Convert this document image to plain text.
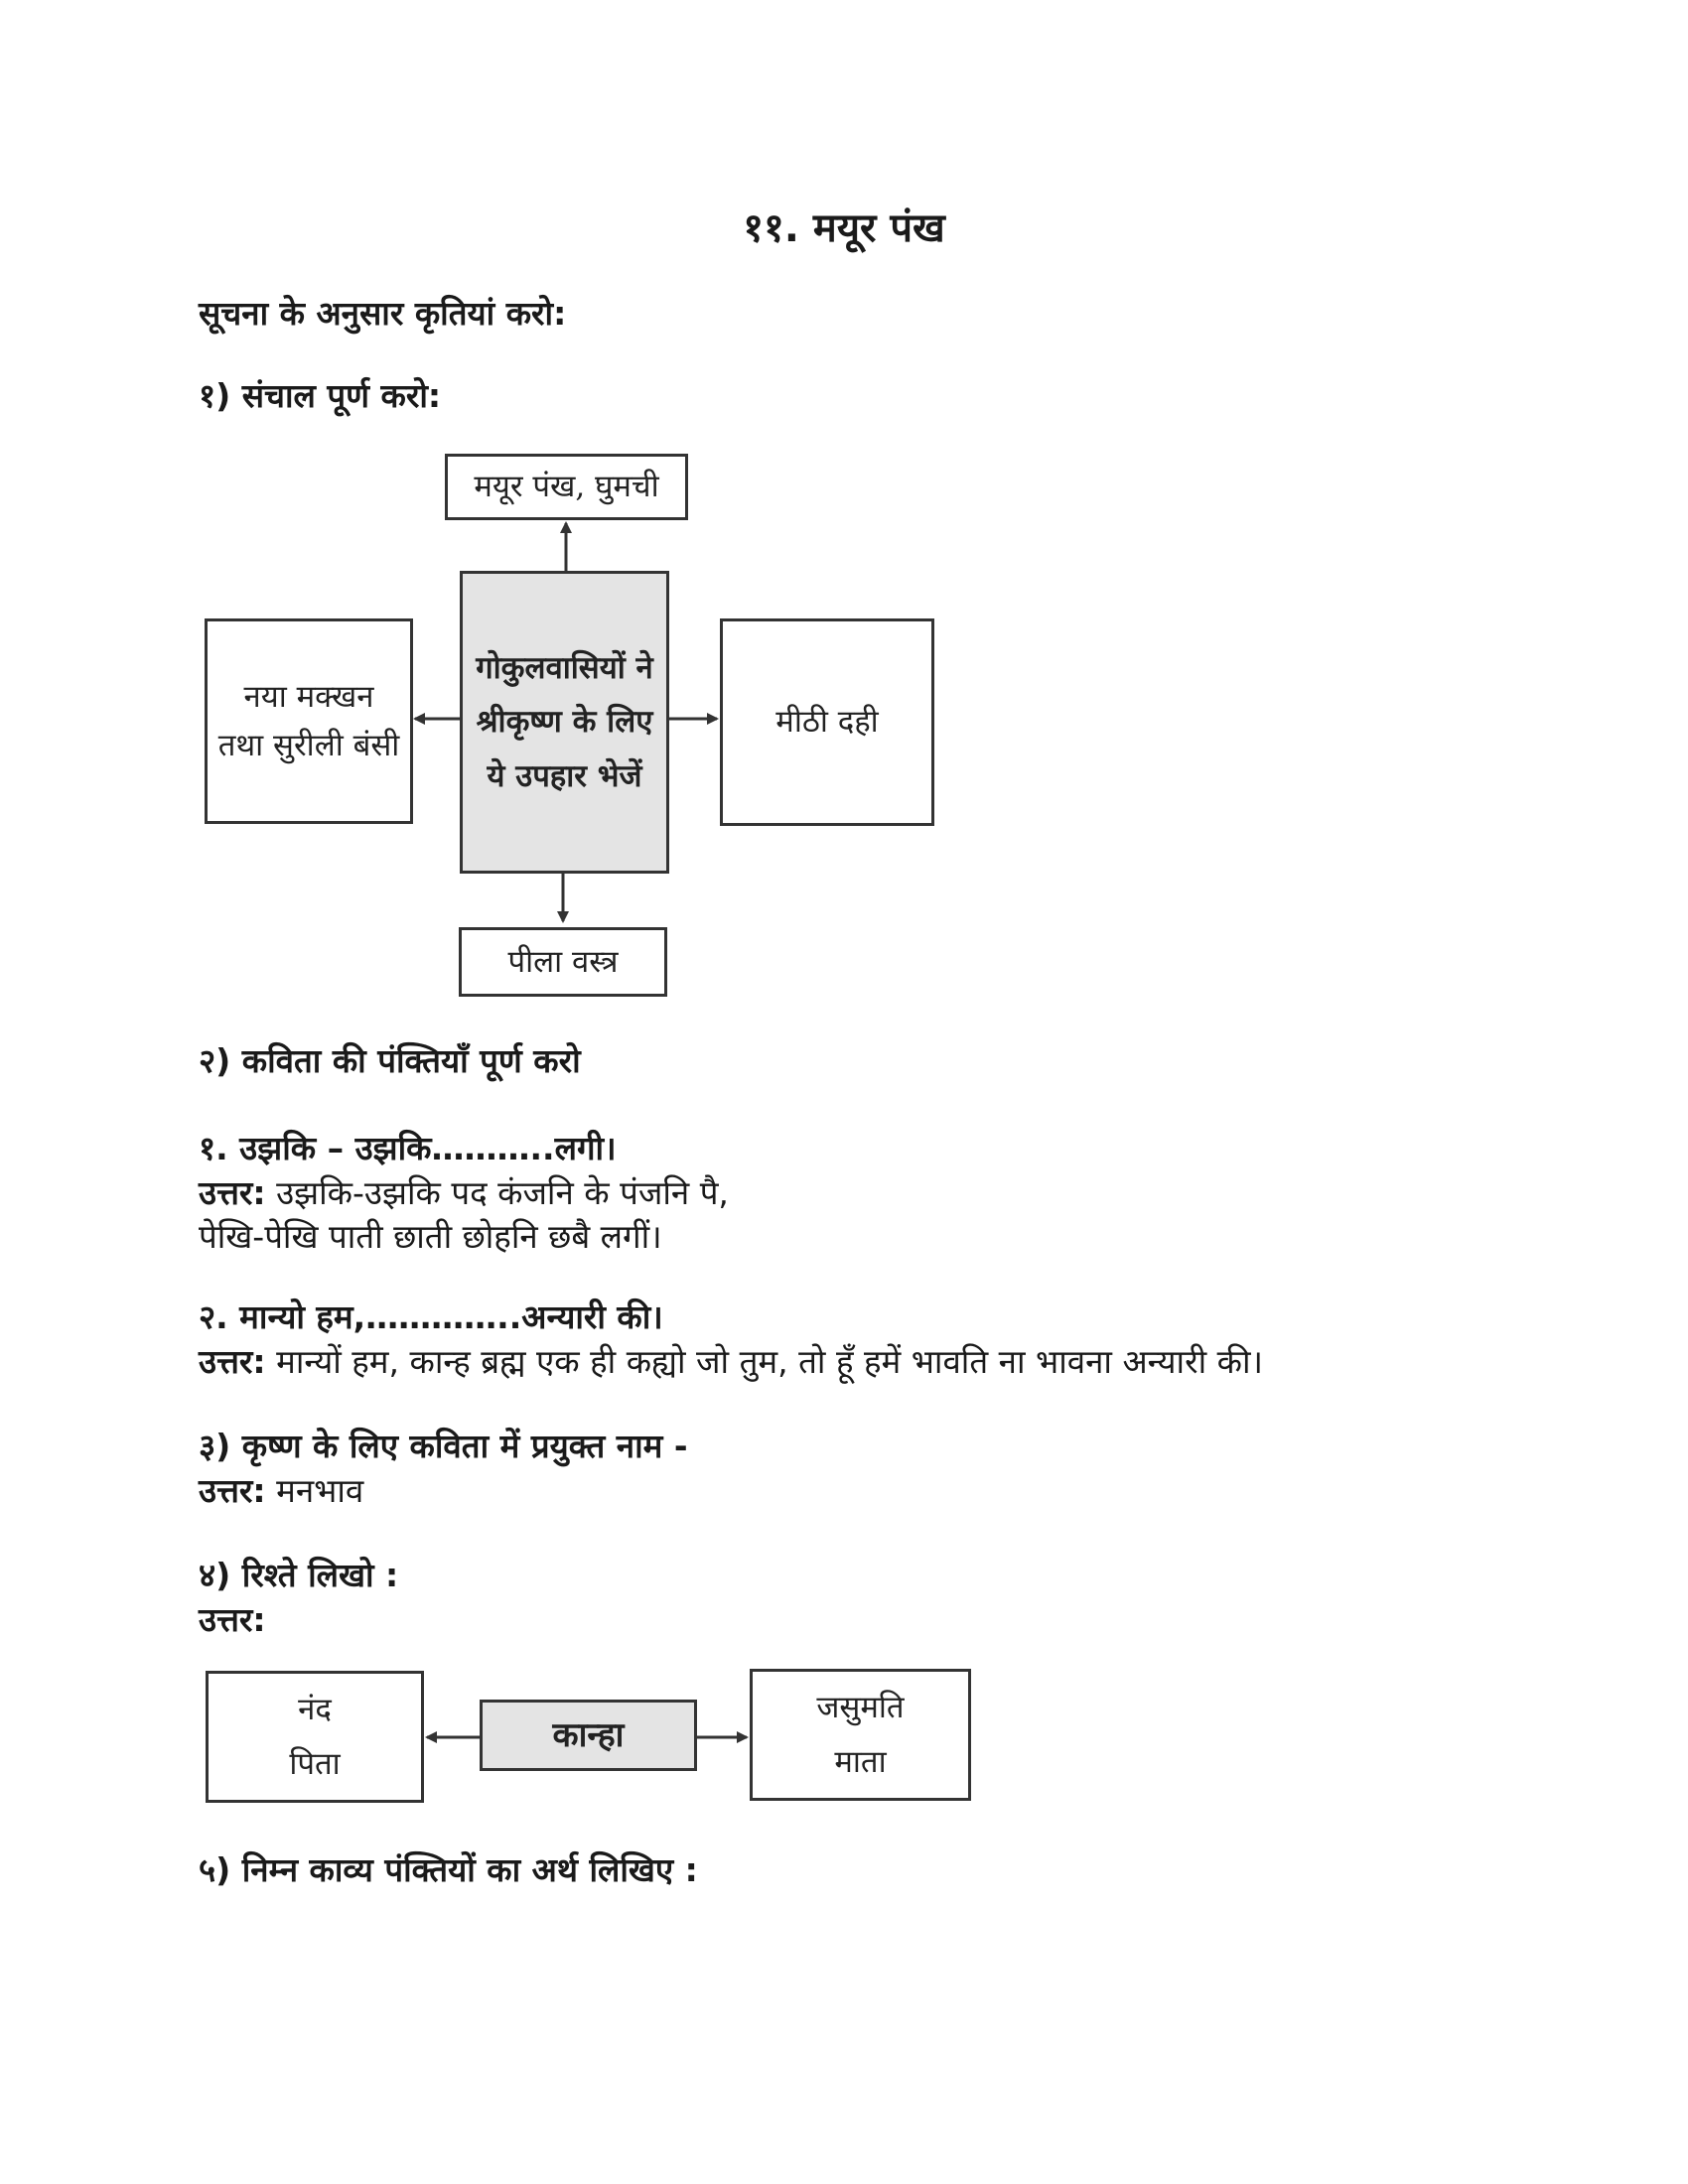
११. मयूर पंख
सूचना के अनुसार कृतियां करो:
१) संचाल पूर्ण करो:
मयूर पंख, घुमची
गोकुलवासियों ने श्रीकृष्ण के लिए ये उपहार भेजें
नया मक्खन तथा सुरीली बंसी
मीठी दही
पीला वस्त्र
२) कविता की पंक्तियाँ पूर्ण करो
१. उझकि – उझकि………..लगी।
उत्तर: उझकि-उझकि पद कंजनि के पंजनि पै,
पेखि-पेखि पाती छाती छोहनि छबै लगीं।
२. मान्यो हम,…………..अन्यारी की।
उत्तर: मान्यों हम, कान्ह ब्रह्म एक ही कह्यो जो तुम, तो हूँ हमें भावति ना भावना अन्यारी की।
३) कृष्ण के लिए कविता में प्रयुक्त नाम -
उत्तर: मनभाव
४) रिश्ते लिखो :
उत्तर:
नंद
पिता
कान्हा
जसुमति
माता
५) निम्न काव्य पंक्तियों का अर्थ लिखिए :
